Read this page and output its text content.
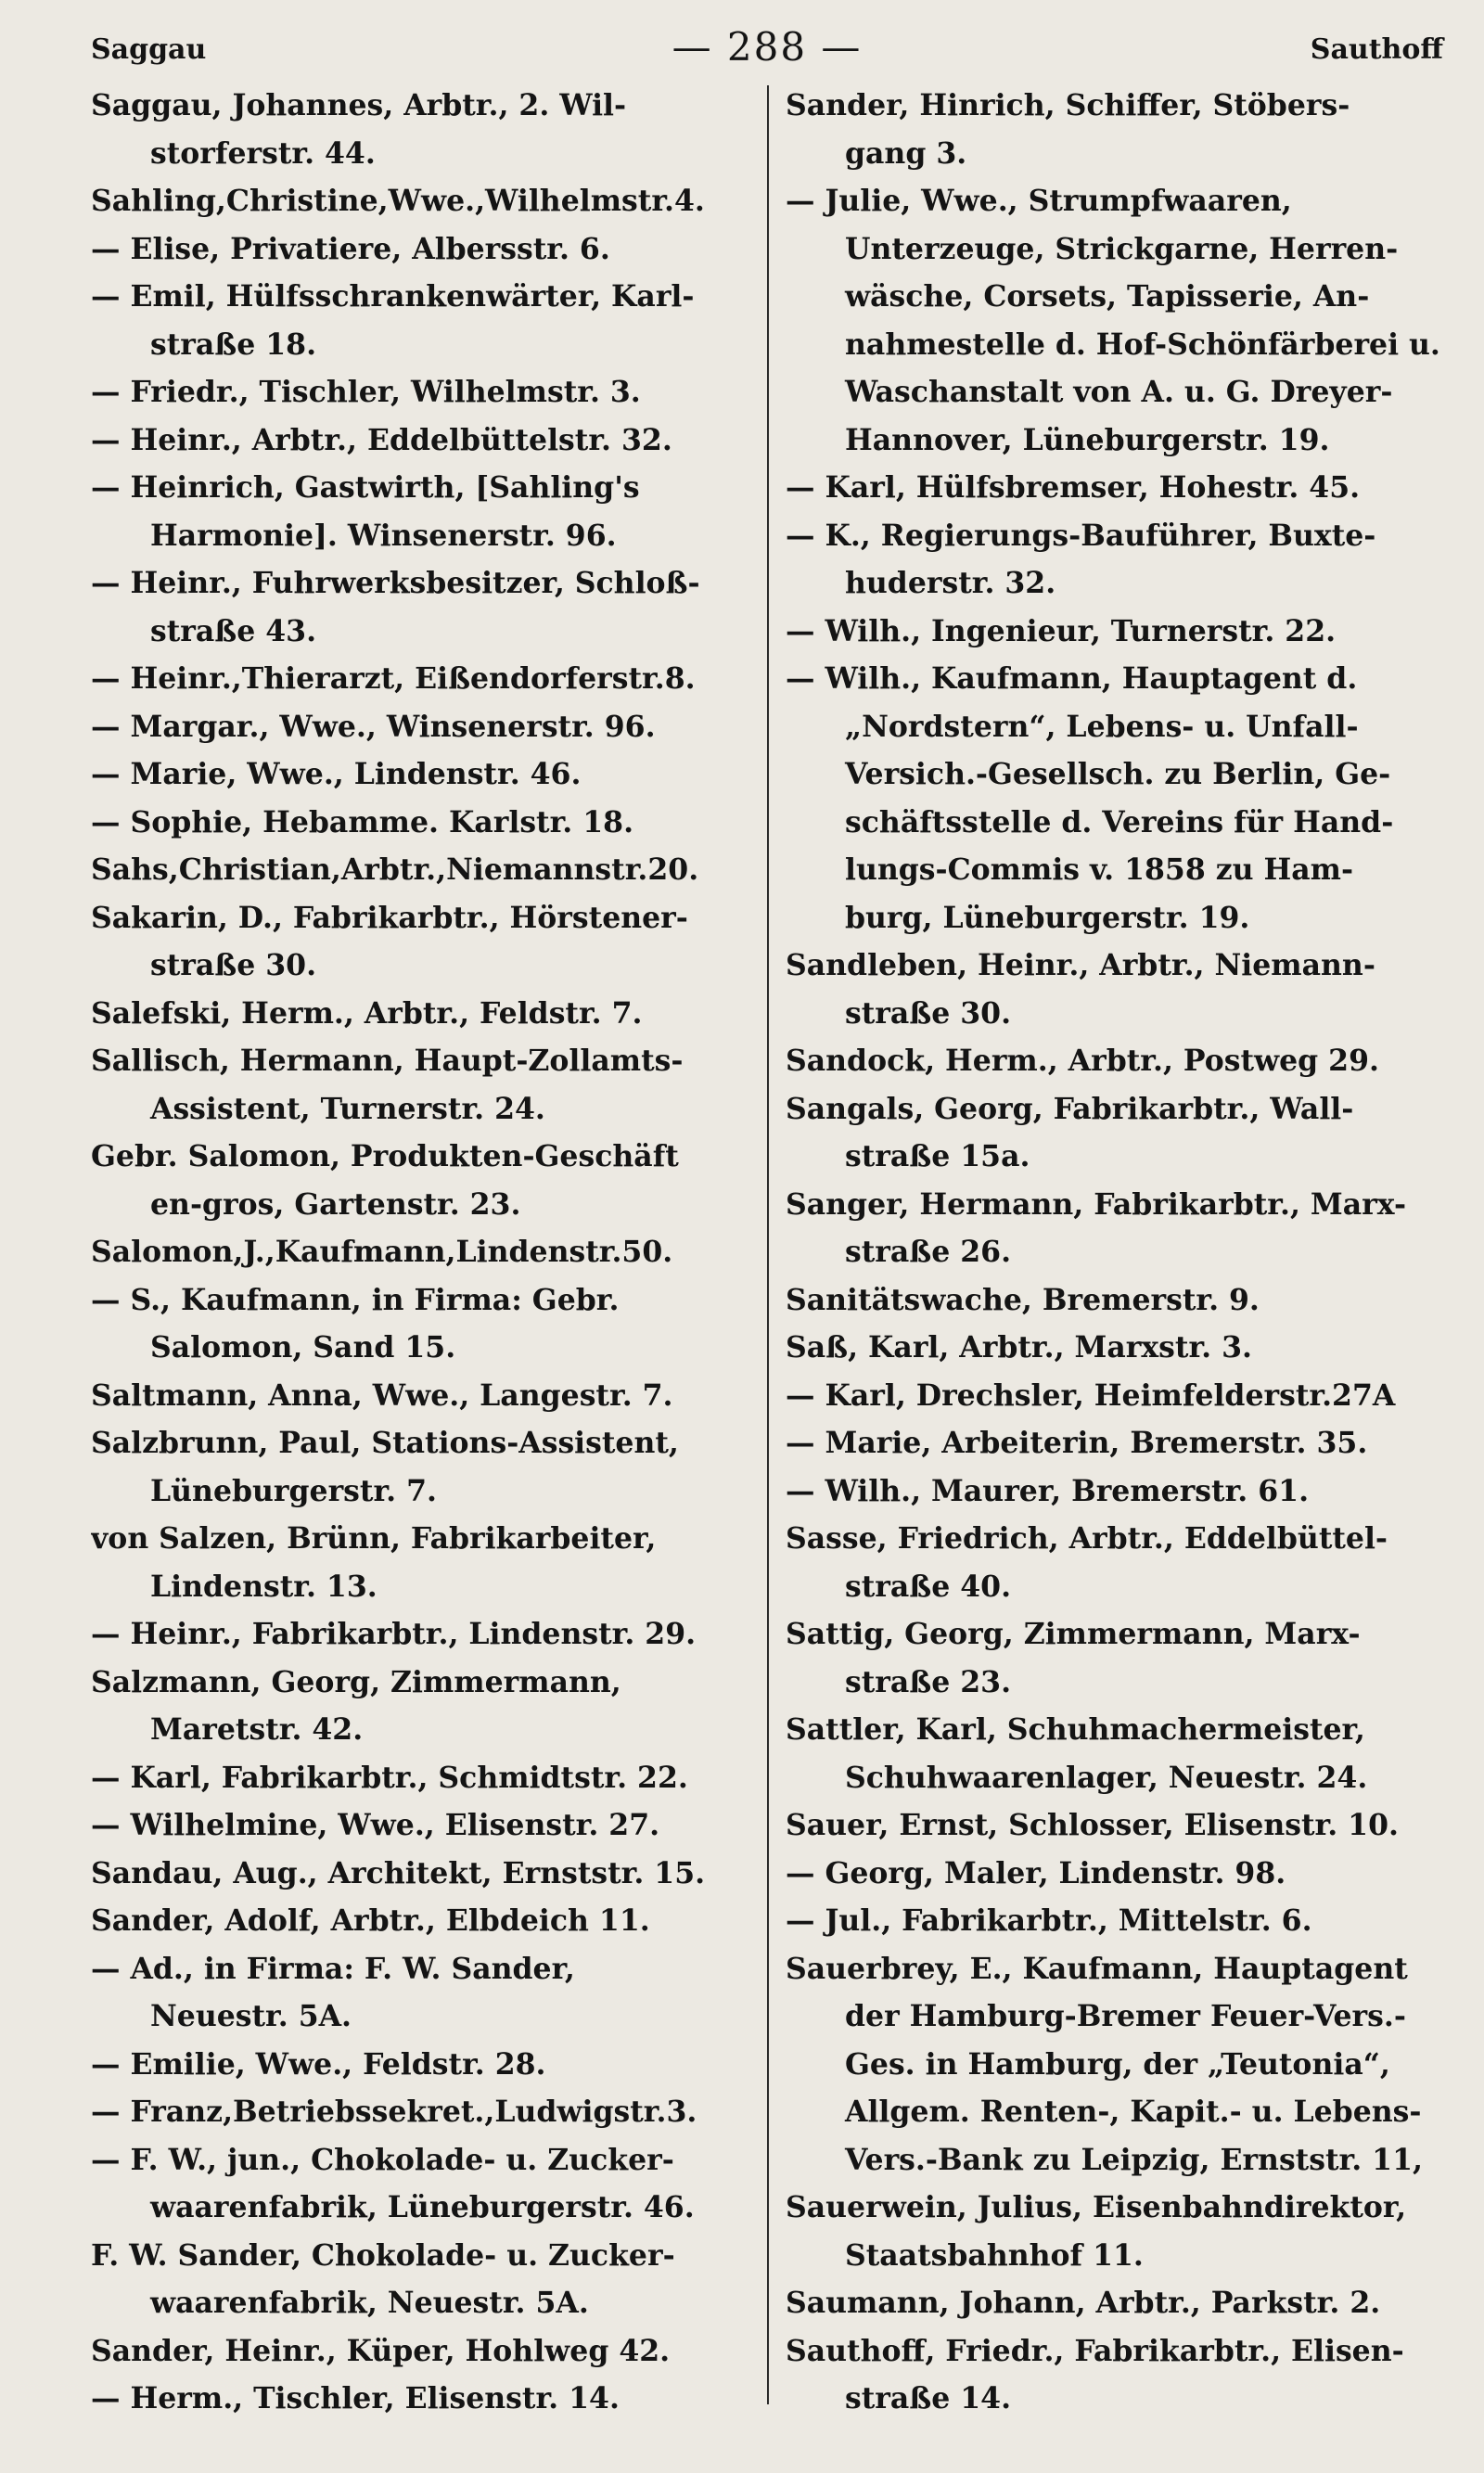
Saggau	— 288 —	Sauthoff
Saggau, Johannes, Arbtr., 2. Wil-
storferstr. 44.
Sahling,Christine,Wwe.,Wilhelmstr.4.
— Elise, Privatiere, Albersstr. 6.
— Emil, Hülfsschrankenwärter, Karl-
straße 18.
— Friedr., Tischler, Wilhelmstr. 3.
— Heinr., Arbtr., Eddelbüttelstr. 32.
— Heinrich, Gastwirth, [Sahling's
Harmonie]. Winsenerstr. 96.
— Heinr., Fuhrwerksbesitzer, Schloß-
straße 43.
— Heinr.,Thierarzt, Eißendorferstr.8.
— Margar., Wwe., Winsenerstr. 96.
— Marie, Wwe., Lindenstr. 46.
— Sophie, Hebamme. Karlstr. 18.
Sahs,Christian,Arbtr.,Niemannstr.20.
Sakarin, D., Fabrikarbtr., Hörstener-
straße 30.
Salefski, Herm., Arbtr., Feldstr. 7.
Sallisch, Hermann, Haupt-Zollamts-
Assistent, Turnerstr. 24.
Gebr. Salomon, Produkten-Geschäft
en-gros, Gartenstr. 23.
Salomon,J.,Kaufmann,Lindenstr.50.
— S., Kaufmann, in Firma: Gebr.
Salomon, Sand 15.
Saltmann, Anna, Wwe., Langestr. 7.
Salzbrunn, Paul, Stations-Assistent,
Lüneburgerstr. 7.
von Salzen, Brünn, Fabrikarbeiter,
Lindenstr. 13.
— Heinr., Fabrikarbtr., Lindenstr. 29.
Salzmann, Georg, Zimmermann,
Maretstr. 42.
— Karl, Fabrikarbtr., Schmidtstr. 22.
— Wilhelmine, Wwe., Elisenstr. 27.
Sandau, Aug., Architekt, Ernststr. 15.
Sander, Adolf, Arbtr., Elbdeich 11.
— Ad., in Firma: F. W. Sander,
Neuestr. 5A.
— Emilie, Wwe., Feldstr. 28.
— Franz,Betriebssekret.,Ludwigstr.3.
— F. W., jun., Chokolade- u. Zucker-
waarenfabrik, Lüneburgerstr. 46.
F. W. Sander, Chokolade- u. Zucker-
waarenfabrik, Neuestr. 5A.
Sander, Heinr., Küper, Hohlweg 42.
— Herm., Tischler, Elisenstr. 14.
Sander, Hinrich, Schiffer, Stöbers-
gang 3.
— Julie, Wwe., Strumpfwaaren,
Unterzeuge, Strickgarne, Herren-
wäsche, Corsets, Tapisserie, An-
nahmestelle d. Hof-Schönfärberei u.
Waschanstalt von A. u. G. Dreyer-
Hannover, Lüneburgerstr. 19.
— Karl, Hülfsbremser, Hohestr. 45.
— K., Regierungs-Bauführer, Buxte-
huderstr. 32.
— Wilh., Ingenieur, Turnerstr. 22.
— Wilh., Kaufmann, Hauptagent d.
„Nordstern“, Lebens- u. Unfall-
Versich.-Gesellsch. zu Berlin, Ge-
schäftsstelle d. Vereins für Hand-
lungs-Commis v. 1858 zu Ham-
burg, Lüneburgerstr. 19.
Sandleben, Heinr., Arbtr., Niemann-
straße 30.
Sandock, Herm., Arbtr., Postweg 29.
Sangals, Georg, Fabrikarbtr., Wall-
straße 15a.
Sanger, Hermann, Fabrikarbtr., Marx-
straße 26.
Sanitätswache, Bremerstr. 9.
Saß, Karl, Arbtr., Marxstr. 3.
— Karl, Drechsler, Heimfelderstr.27A
— Marie, Arbeiterin, Bremerstr. 35.
— Wilh., Maurer, Bremerstr. 61.
Sasse, Friedrich, Arbtr., Eddelbüttel-
straße 40.
Sattig, Georg, Zimmermann, Marx-
straße 23.
Sattler, Karl, Schuhmachermeister,
Schuhwaarenlager, Neuestr. 24.
Sauer, Ernst, Schlosser, Elisenstr. 10.
— Georg, Maler, Lindenstr. 98.
— Jul., Fabrikarbtr., Mittelstr. 6.
Sauerbrey, E., Kaufmann, Hauptagent
der Hamburg-Bremer Feuer-Vers.-
Ges. in Hamburg, der „Teutonia“,
Allgem. Renten-, Kapit.- u. Lebens-
Vers.-Bank zu Leipzig, Ernststr. 11,
Sauerwein, Julius, Eisenbahndirektor,
Staatsbahnhof 11.
Saumann, Johann, Arbtr., Parkstr. 2.
Sauthoff, Friedr., Fabrikarbtr., Elisen-
straße 14.
